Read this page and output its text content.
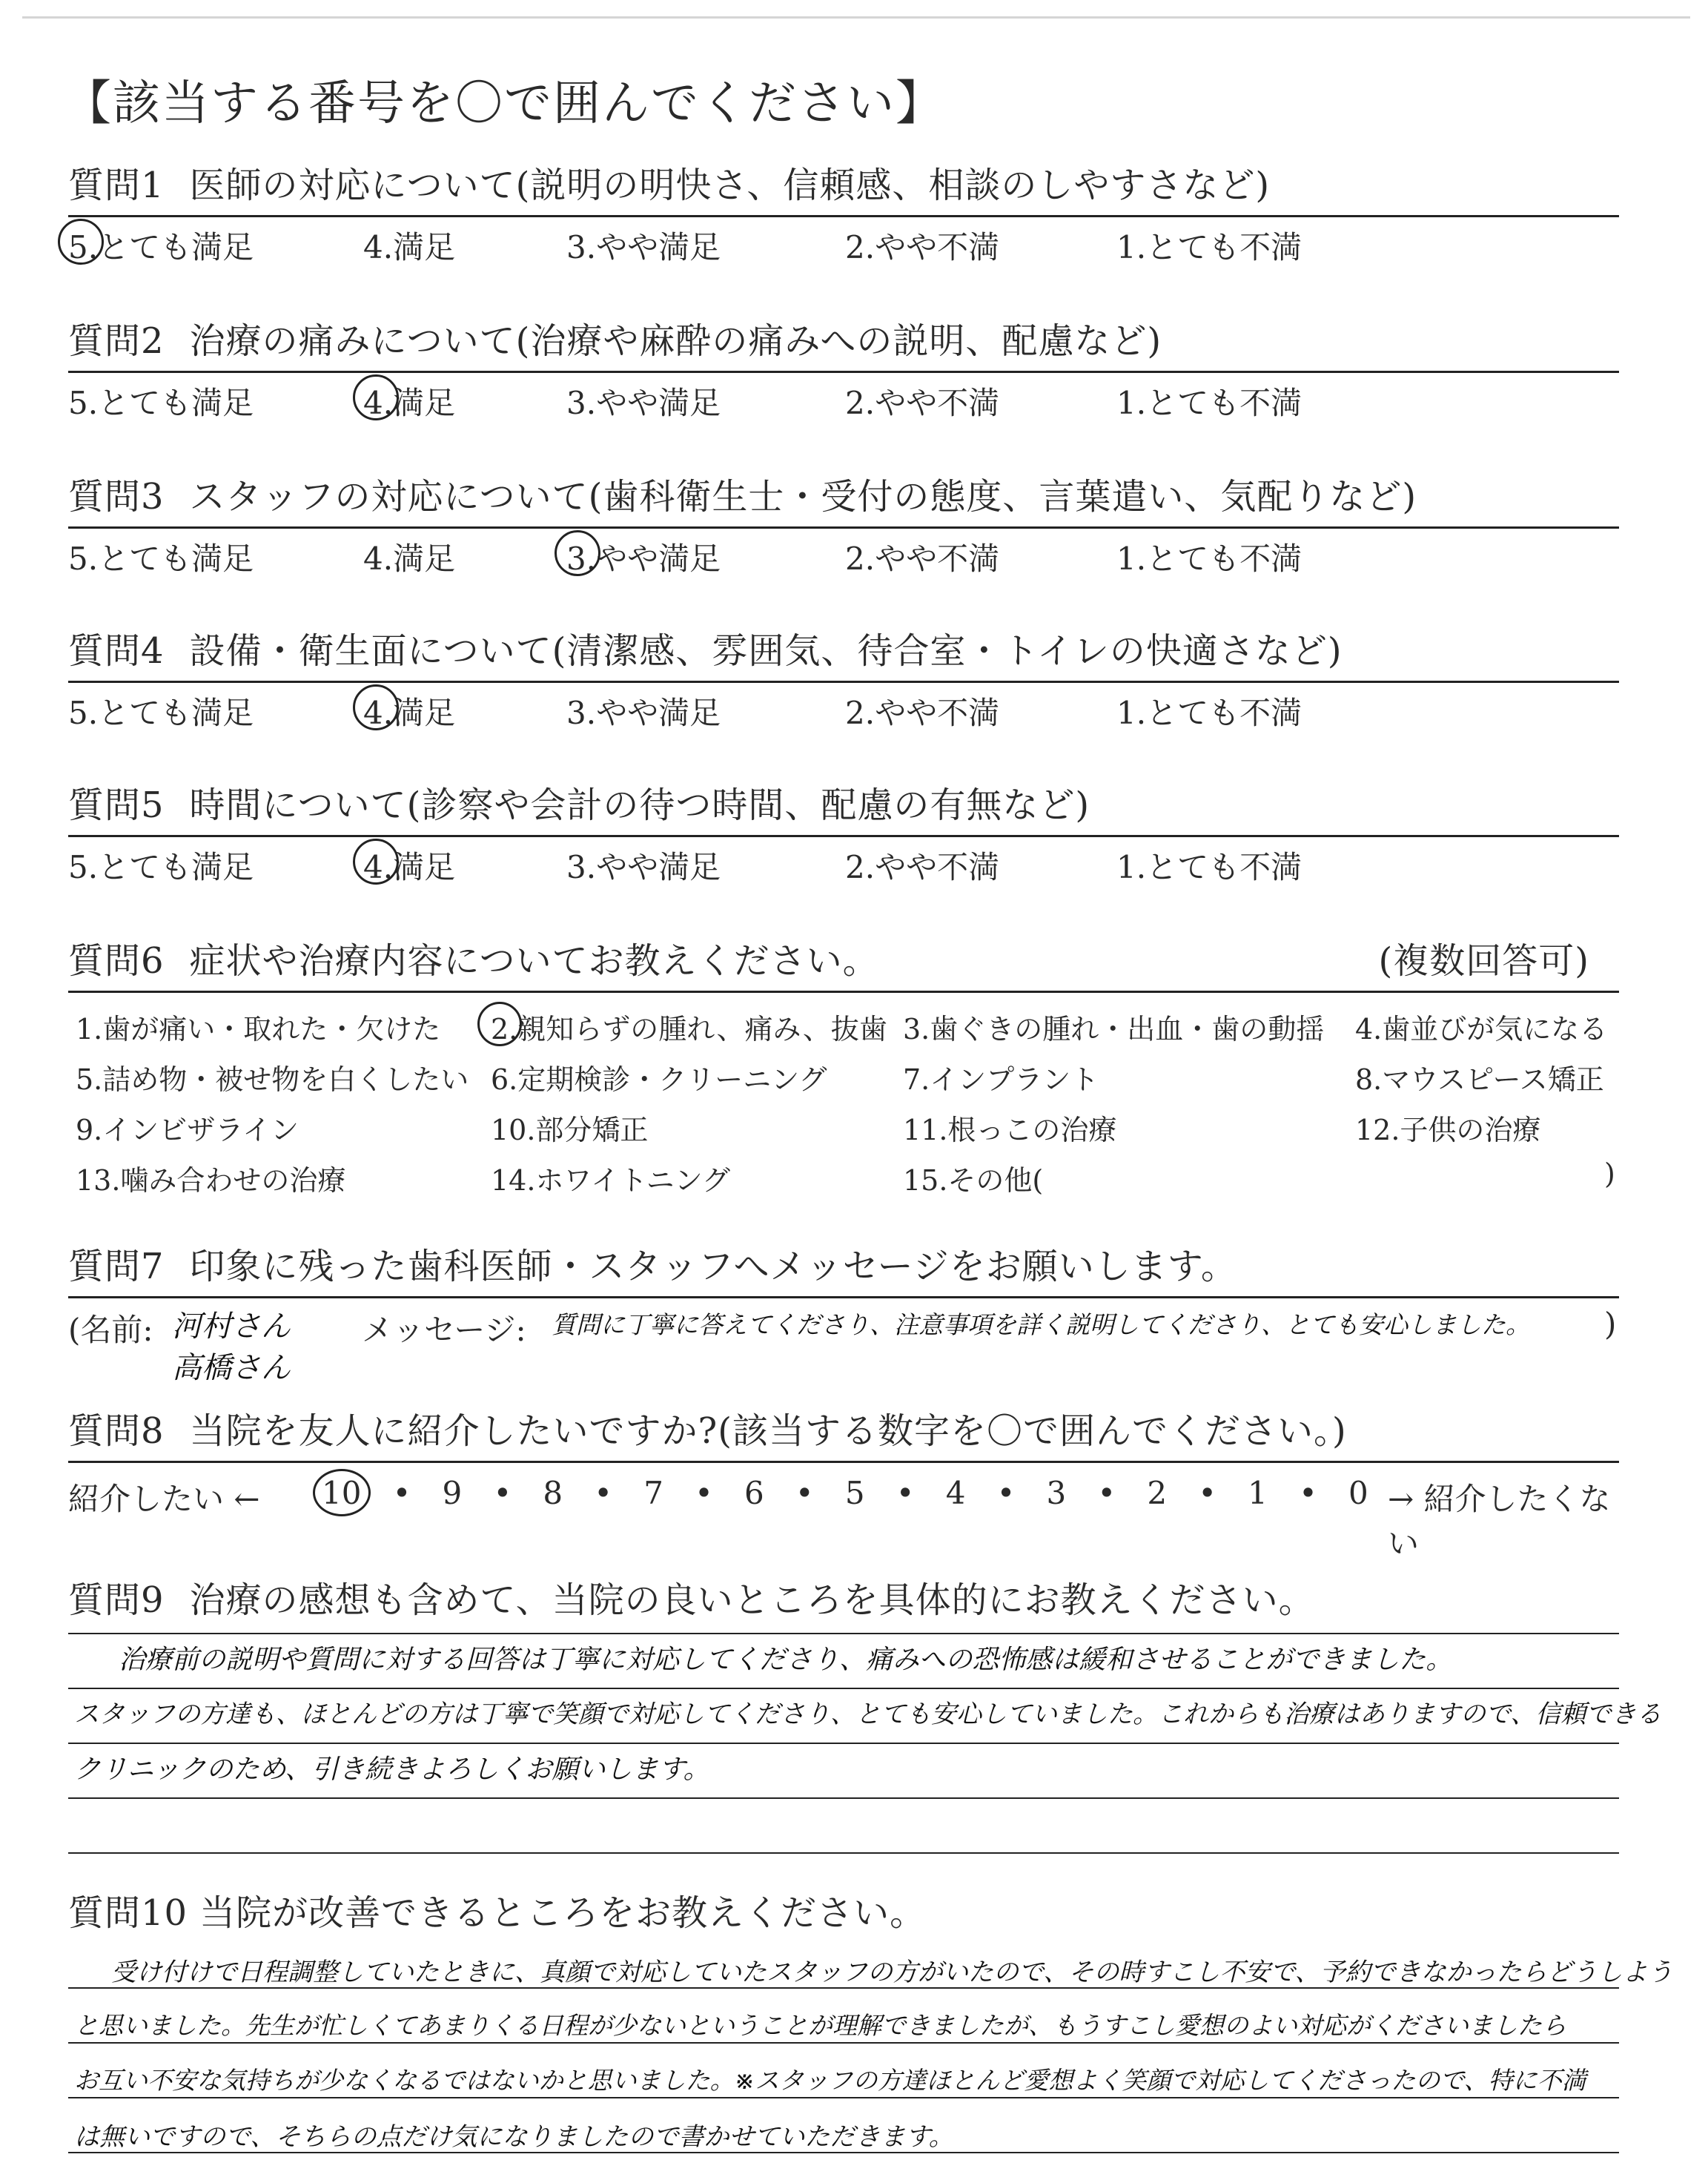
【該当する番号を〇で囲んでください】
質問1 医師の対応について(説明の明快さ、信頼感、相談のしやすさなど)
5.とても満足	4.満足	3.やや満足	2.やや不満	1.とても不満
質問2 治療の痛みについて(治療や麻酔の痛みへの説明、配慮など)
5.とても満足	4.満足	3.やや満足	2.やや不満	1.とても不満
質問3 スタッフの対応について(歯科衛生士・受付の態度、言葉遣い、気配りなど)
5.とても満足	4.満足	3.やや満足	2.やや不満	1.とても不満
質問4 設備・衛生面について(清潔感、雰囲気、待合室・トイレの快適さなど)
5.とても満足	4.満足	3.やや満足	2.やや不満	1.とても不満
質問5 時間について(診察や会計の待つ時間、配慮の有無など)
5.とても満足	4.満足	3.やや満足	2.やや不満	1.とても不満
質問6 症状や治療内容についてお教えください。	(複数回答可)
1.歯が痛い・取れた・欠けた 2.親知らずの腫れ、痛み、抜歯 3.歯ぐきの腫れ・出血・歯の動揺 4.歯並びが気になる
5.詰め物・被せ物を白くしたい 6.定期検診・クリーニング	7.インプラント	8.マウスピース矯正
9.インビザライン	10.部分矯正	11.根っこの治療	12.子供の治療
13.噛み合わせの治療	14.ホワイトニング	15.その他(	)
質問7 印象に残った歯科医師・スタッフへメッセージをお願いします。
(名前: 河村さん
高橋さん
メッセージ: 質問に丁寧に答えてくださり、注意事項を詳く説明してくださり、とても安心しました。 )
質問8 当院を友人に紹介したいですか?(該当する数字を〇で囲んでください。)
紹介したい ← 10 • 9 • 8 • 7 • 6 • 5 • 4 • 3 • 2 • 1 • 0 → 紹介したくない
質問9 治療の感想も含めて、当院の良いところを具体的にお教えください。
治療前の説明や質問に対する回答は丁寧に対応してくださり、痛みへの恐怖感は緩和させることができました。
スタッフの方達も、ほとんどの方は丁寧で笑顔で対応してくださり、とても安心していました。これからも治療はありますので、信頼できる
クリニックのため、引き続きよろしくお願いします。
質問10 当院が改善できるところをお教えください。
受け付けで日程調整していたときに、真顔で対応していたスタッフの方がいたので、その時すこし不安で、予約できなかったらどうしよう
と思いました。先生が忙しくてあまりくる日程が少ないということが理解できましたが、もうすこし愛想のよい対応がくださいましたら
お互い不安な気持ちが少なくなるではないかと思いました。※スタッフの方達ほとんど愛想よく笑顔で対応してくださったので、特に不満
は無いですので、そちらの点だけ気になりましたので書かせていただきます。
